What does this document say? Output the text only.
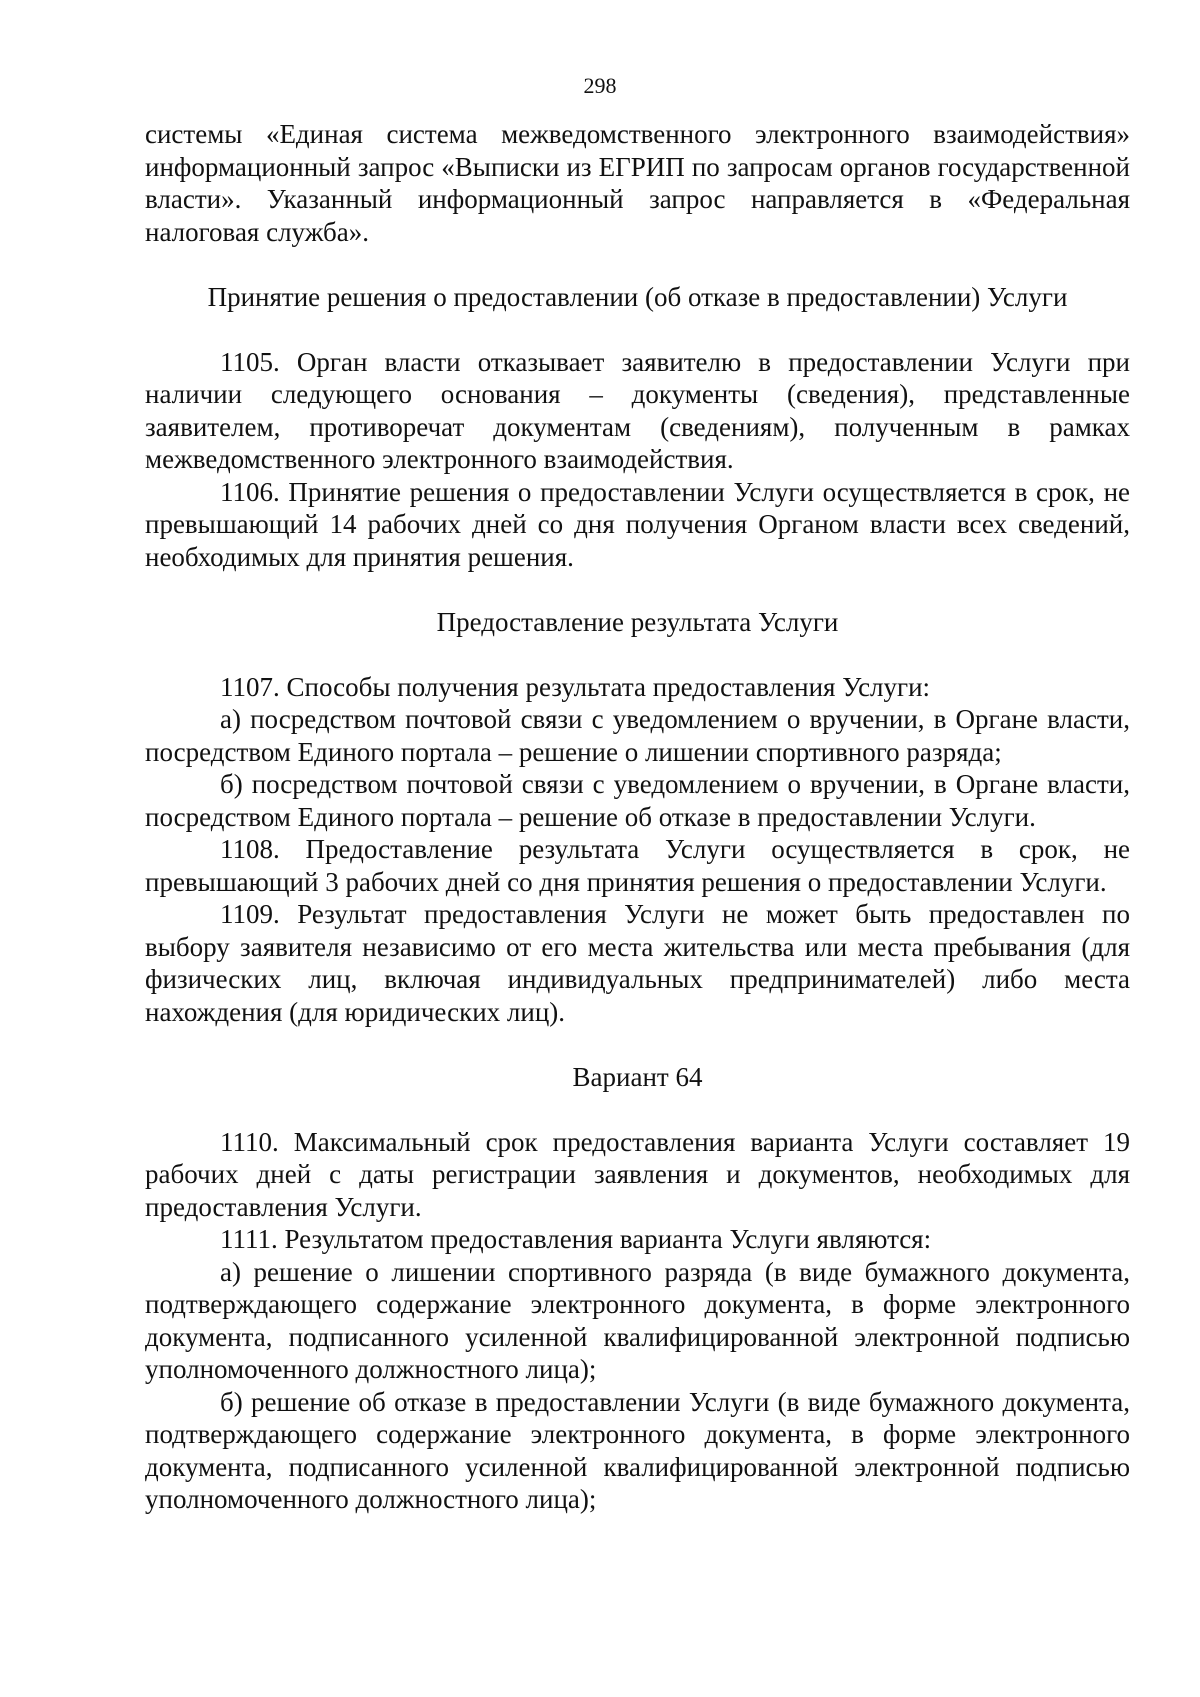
298

системы «Единая система межведомственного электронного взаимодействия» информационный запрос «Выписки из ЕГРИП по запросам органов государственной власти». Указанный информационный запрос направляется в «Федеральная налоговая служба».

Принятие решения о предоставлении (об отказе в предоставлении) Услуги

1105. Орган власти отказывает заявителю в предоставлении Услуги при наличии следующего основания – документы (сведения), представленные заявителем, противоречат документам (сведениям), полученным в рамках межведомственного электронного взаимодействия.

1106. Принятие решения о предоставлении Услуги осуществляется в срок, не превышающий 14 рабочих дней со дня получения Органом власти всех сведений, необходимых для принятия решения.

Предоставление результата Услуги

1107. Способы получения результата предоставления Услуги:

а) посредством почтовой связи с уведомлением о вручении, в Органе власти, посредством Единого портала – решение о лишении спортивного разряда;

б) посредством почтовой связи с уведомлением о вручении, в Органе власти, посредством Единого портала – решение об отказе в предоставлении Услуги.

1108. Предоставление результата Услуги осуществляется в срок, не превышающий 3 рабочих дней со дня принятия решения о предоставлении Услуги.

1109. Результат предоставления Услуги не может быть предоставлен по выбору заявителя независимо от его места жительства или места пребывания (для физических лиц, включая индивидуальных предпринимателей) либо места нахождения (для юридических лиц).

Вариант 64

1110. Максимальный срок предоставления варианта Услуги составляет 19 рабочих дней с даты регистрации заявления и документов, необходимых для предоставления Услуги.

1111. Результатом предоставления варианта Услуги являются:

а) решение о лишении спортивного разряда (в виде бумажного документа, подтверждающего содержание электронного документа, в форме электронного документа, подписанного усиленной квалифицированной электронной подписью уполномоченного должностного лица);

б) решение об отказе в предоставлении Услуги (в виде бумажного документа, подтверждающего содержание электронного документа, в форме электронного документа, подписанного усиленной квалифицированной электронной подписью уполномоченного должностного лица);
